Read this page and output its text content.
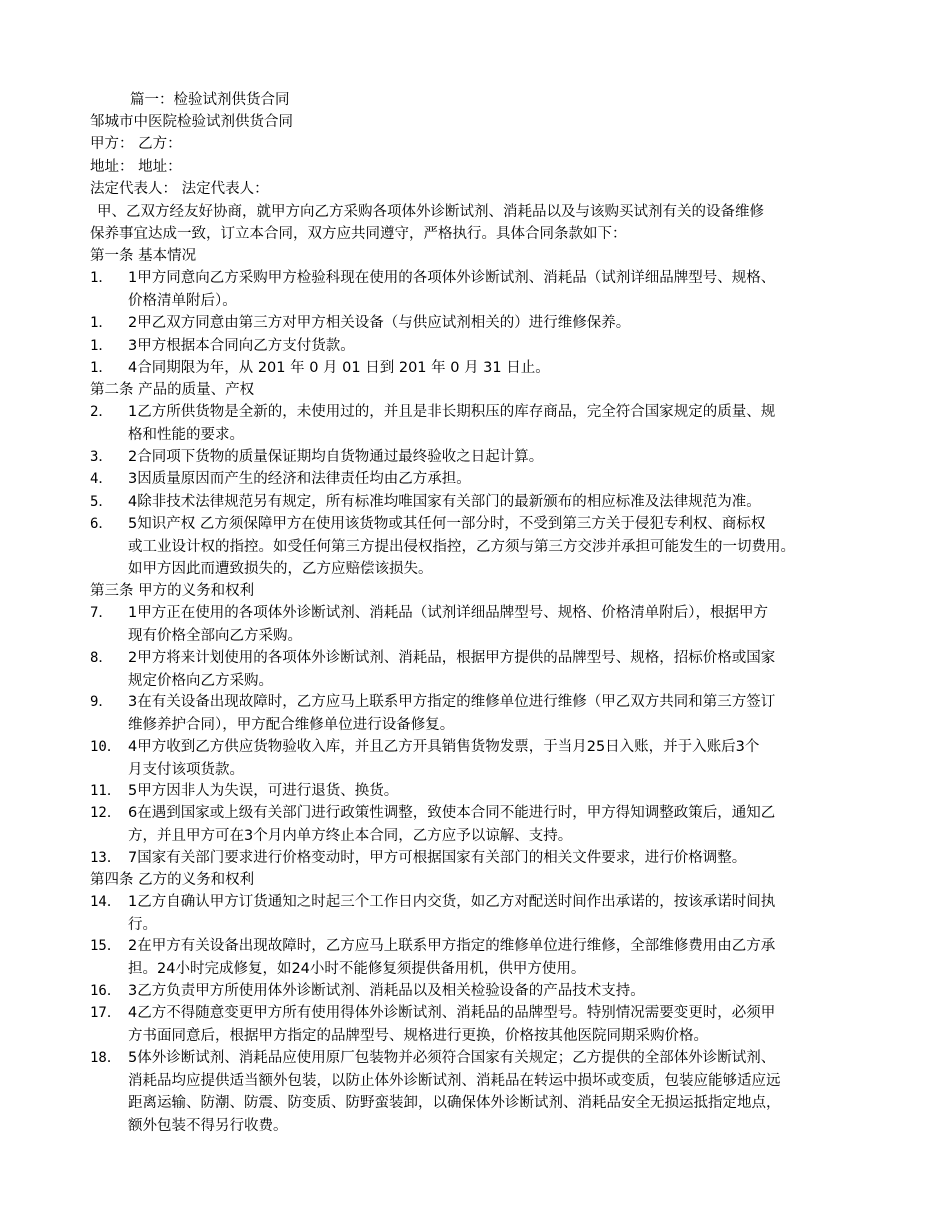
篇一：检验试剂供货合同
邹城市中医院检验试剂供货合同
甲方： 乙方：
地址： 地址：
法定代表人： 法定代表人：
甲、乙双方经友好协商，就甲方向乙方采购各项体外诊断试剂、消耗品以及与该购买试剂有关的设备维修
保养事宜达成一致，订立本合同，双方应共同遵守，严格执行。具体合同条款如下：
第一条 基本情况
1．	1甲方同意向乙方采购甲方检验科现在使用的各项体外诊断试剂、消耗品（试剂详细品牌型号、规格、
价格清单附后）。
1．	2甲乙双方同意由第三方对甲方相关设备（与供应试剂相关的）进行维修保养。
1．	3甲方根据本合同向乙方支付货款。
1．	4合同期限为年，从 201 年 0 月 01 日到 201 年 0 月 31 日止。
第二条 产品的质量、产权
2．	1乙方所供货物是全新的，未使用过的，并且是非长期积压的库存商品，完全符合国家规定的质量、规
格和性能的要求。
3．	2合同项下货物的质量保证期均自货物通过最终验收之日起计算。
4．	3因质量原因而产生的经济和法律责任均由乙方承担。
5．	4除非技术法律规范另有规定，所有标准均唯国家有关部门的最新颁布的相应标准及法律规范为准。
6．	5知识产权 乙方须保障甲方在使用该货物或其任何一部分时，不受到第三方关于侵犯专利权、商标权
或工业设计权的指控。如受任何第三方提出侵权指控，乙方须与第三方交涉并承担可能发生的一切费用。
如甲方因此而遭致损失的，乙方应赔偿该损失。
第三条 甲方的义务和权利
7．	1甲方正在使用的各项体外诊断试剂、消耗品（试剂详细品牌型号、规格、价格清单附后），根据甲方
现有价格全部向乙方采购。
8．	2甲方将来计划使用的各项体外诊断试剂、消耗品，根据甲方提供的品牌型号、规格，招标价格或国家
规定价格向乙方采购。
9．	3在有关设备出现故障时，乙方应马上联系甲方指定的维修单位进行维修（甲乙双方共同和第三方签订
维修养护合同），甲方配合维修单位进行设备修复。
10． 4甲方收到乙方供应货物验收入库，并且乙方开具销售货物发票，于当月25日入账，并于入账后3个
月支付该项货款。
11． 5甲方因非人为失误，可进行退货、换货。
12． 6在遇到国家或上级有关部门进行政策性调整，致使本合同不能进行时，甲方得知调整政策后，通知乙
方，并且甲方可在3个月内单方终止本合同，乙方应予以谅解、支持。
13． 7国家有关部门要求进行价格变动时，甲方可根据国家有关部门的相关文件要求，进行价格调整。
第四条 乙方的义务和权利
14． 1乙方自确认甲方订货通知之时起三个工作日内交货，如乙方对配送时间作出承诺的，按该承诺时间执
行。
15． 2在甲方有关设备出现故障时，乙方应马上联系甲方指定的维修单位进行维修，全部维修费用由乙方承
担。24小时完成修复，如24小时不能修复须提供备用机，供甲方使用。
16． 3乙方负责甲方所使用体外诊断试剂、消耗品以及相关检验设备的产品技术支持。
17． 4乙方不得随意变更甲方所有使用得体外诊断试剂、消耗品的品牌型号。特别情况需要变更时，必须甲
方书面同意后，根据甲方指定的品牌型号、规格进行更换，价格按其他医院同期采购价格。
18． 5体外诊断试剂、消耗品应使用原厂包装物并必须符合国家有关规定；乙方提供的全部体外诊断试剂、
消耗品均应提供适当额外包装，以防止体外诊断试剂、消耗品在转运中损坏或变质，包装应能够适应远
距离运输、防潮、防震、防变质、防野蛮装卸，以确保体外诊断试剂、消耗品安全无损运抵指定地点，
额外包装不得另行收费。
